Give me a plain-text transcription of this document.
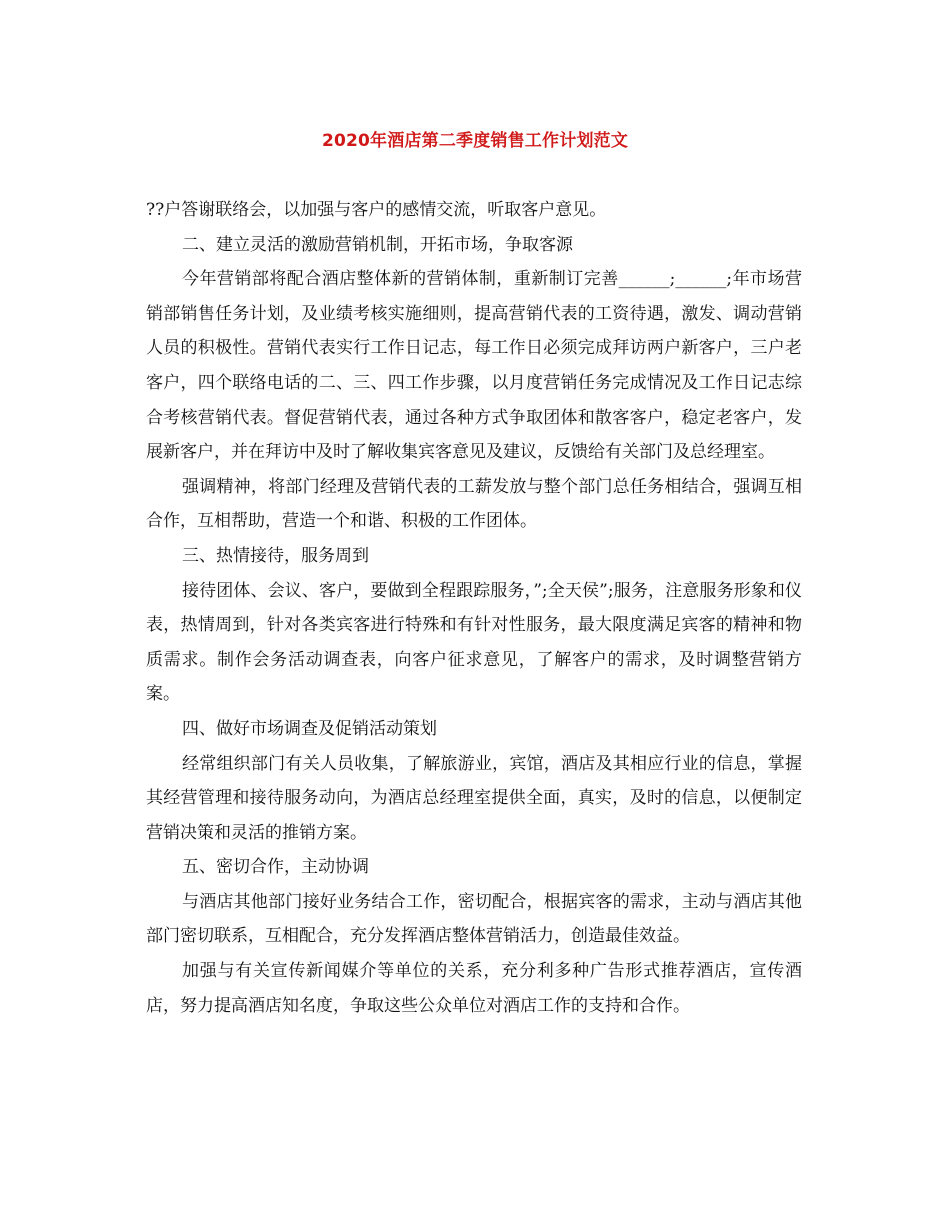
2020年酒店第二季度销售工作计划范文

??户答谢联络会，以加强与客户的感情交流，听取客户意见。

二、建立灵活的激励营销机制，开拓市场，争取客源

今年营销部将配合酒店整体新的营销体制，重新制订完善______;______;年市场营销部销售任务计划，及业绩考核实施细则，提高营销代表的工资待遇，激发、调动营销人员的积极性。营销代表实行工作日记志，每工作日必须完成拜访两户新客户，三户老客户，四个联络电话的二、三、四工作步骤，以月度营销任务完成情况及工作日记志综合考核营销代表。督促营销代表，通过各种方式争取团体和散客客户，稳定老客户，发展新客户，并在拜访中及时了解收集宾客意见及建议，反馈给有关部门及总经理室。

强调精神，将部门经理及营销代表的工薪发放与整个部门总任务相结合，强调互相合作，互相帮助，营造一个和谐、积极的工作团体。

三、热情接待，服务周到

接待团体、会议、客户，要做到全程跟踪服务，”;全天侯”;服务，注意服务形象和仪表，热情周到，针对各类宾客进行特殊和有针对性服务，最大限度满足宾客的精神和物质需求。制作会务活动调查表，向客户征求意见，了解客户的需求，及时调整营销方案。

四、做好市场调查及促销活动策划

经常组织部门有关人员收集，了解旅游业，宾馆，酒店及其相应行业的信息，掌握其经营管理和接待服务动向，为酒店总经理室提供全面，真实，及时的信息，以便制定营销决策和灵活的推销方案。

五、密切合作，主动协调

与酒店其他部门接好业务结合工作，密切配合，根据宾客的需求，主动与酒店其他部门密切联系，互相配合，充分发挥酒店整体营销活力，创造最佳效益。

加强与有关宣传新闻媒介等单位的关系，充分利多种广告形式推荐酒店，宣传酒店，努力提高酒店知名度，争取这些公众单位对酒店工作的支持和合作。
